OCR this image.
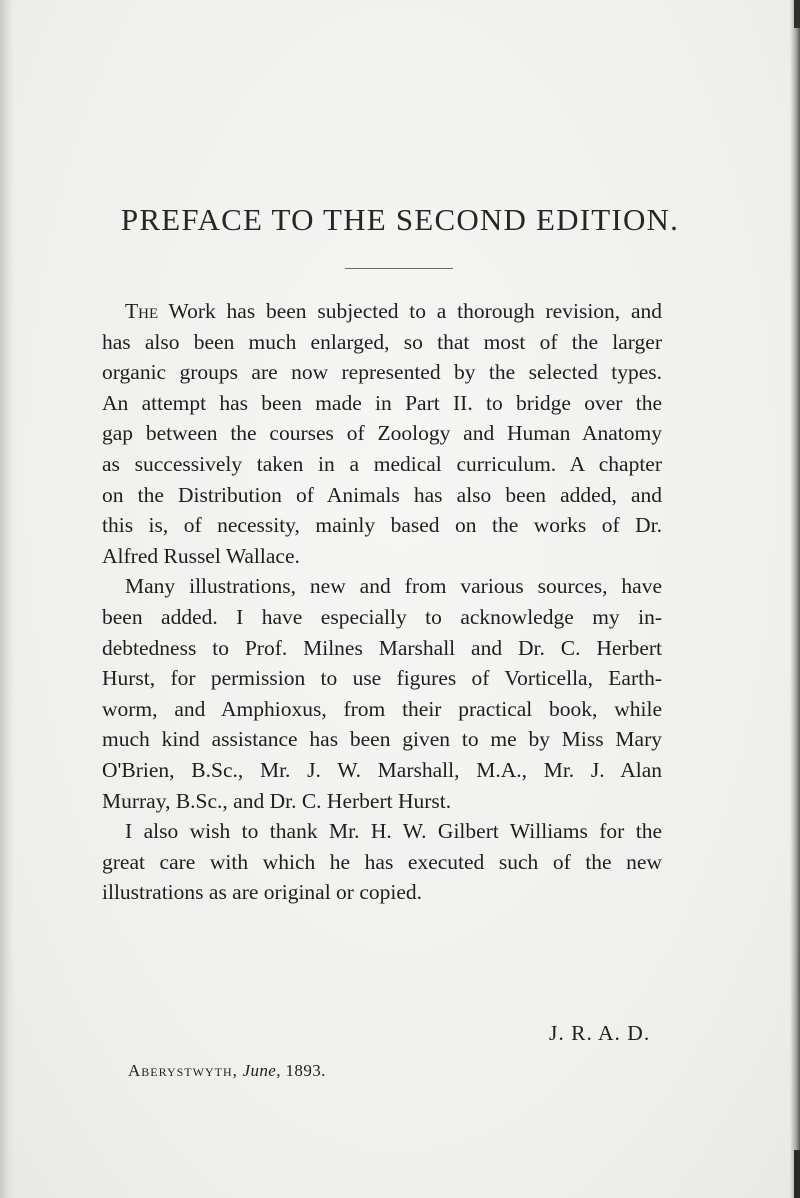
PREFACE TO THE SECOND EDITION.

The Work has been subjected to a thorough revision, and
has also been much enlarged, so that most of the larger
organic groups are now represented by the selected types.
An attempt has been made in Part II. to bridge over the
gap between the courses of Zoology and Human Anatomy
as successively taken in a medical curriculum. A chapter
on the Distribution of Animals has also been added, and
this is, of necessity, mainly based on the works of Dr.
Alfred Russel Wallace.

Many illustrations, new and from various sources, have
been added. I have especially to acknowledge my in-
debtedness to Prof. Milnes Marshall and Dr. C. Herbert
Hurst, for permission to use figures of Vorticella, Earth-
worm, and Amphioxus, from their practical book, while
much kind assistance has been given to me by Miss Mary
O'Brien, B.Sc., Mr. J. W. Marshall, M.A., Mr. J. Alan
Murray, B.Sc., and Dr. C. Herbert Hurst.

I also wish to thank Mr. H. W. Gilbert Williams for the
great care with which he has executed such of the new
illustrations as are original or copied.

J. R. A. D.
Aberystwyth, June, 1893.
